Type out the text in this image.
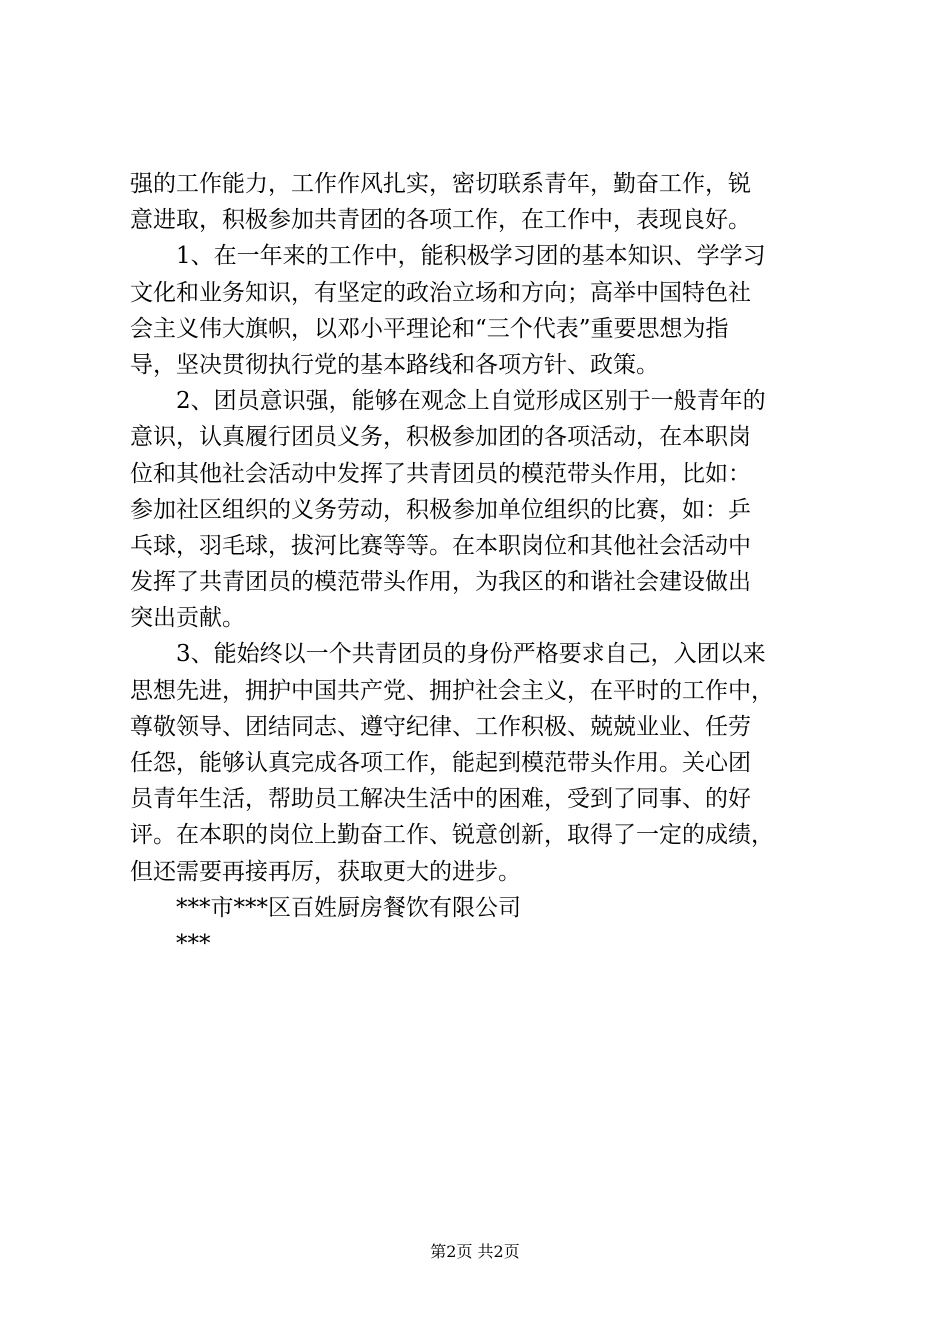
强的工作能力，工作作风扎实，密切联系青年，勤奋工作，锐
意进取，积极参加共青团的各项工作，在工作中，表现良好。
1、在一年来的工作中，能积极学习团的基本知识、学学习
文化和业务知识，有坚定的政治立场和方向；高举中国特色社
会主义伟大旗帜，以邓小平理论和“三个代表”重要思想为指
导，坚决贯彻执行党的基本路线和各项方针、政策。
2、团员意识强，能够在观念上自觉形成区别于一般青年的
意识，认真履行团员义务，积极参加团的各项活动，在本职岗
位和其他社会活动中发挥了共青团员的模范带头作用，比如：
参加社区组织的义务劳动，积极参加单位组织的比赛，如：乒
乓球，羽毛球，拔河比赛等等。在本职岗位和其他社会活动中
发挥了共青团员的模范带头作用，为我区的和谐社会建设做出
突出贡献。
3、能始终以一个共青团员的身份严格要求自己，入团以来
思想先进，拥护中国共产党、拥护社会主义，在平时的工作中，
尊敬领导、团结同志、遵守纪律、工作积极、兢兢业业、任劳
任怨，能够认真完成各项工作，能起到模范带头作用。关心团
员青年生活，帮助员工解决生活中的困难，受到了同事、的好
评。在本职的岗位上勤奋工作、锐意创新，取得了一定的成绩，
但还需要再接再厉，获取更大的进步。
***市***区百姓厨房餐饮有限公司
***
第2页 共2页
